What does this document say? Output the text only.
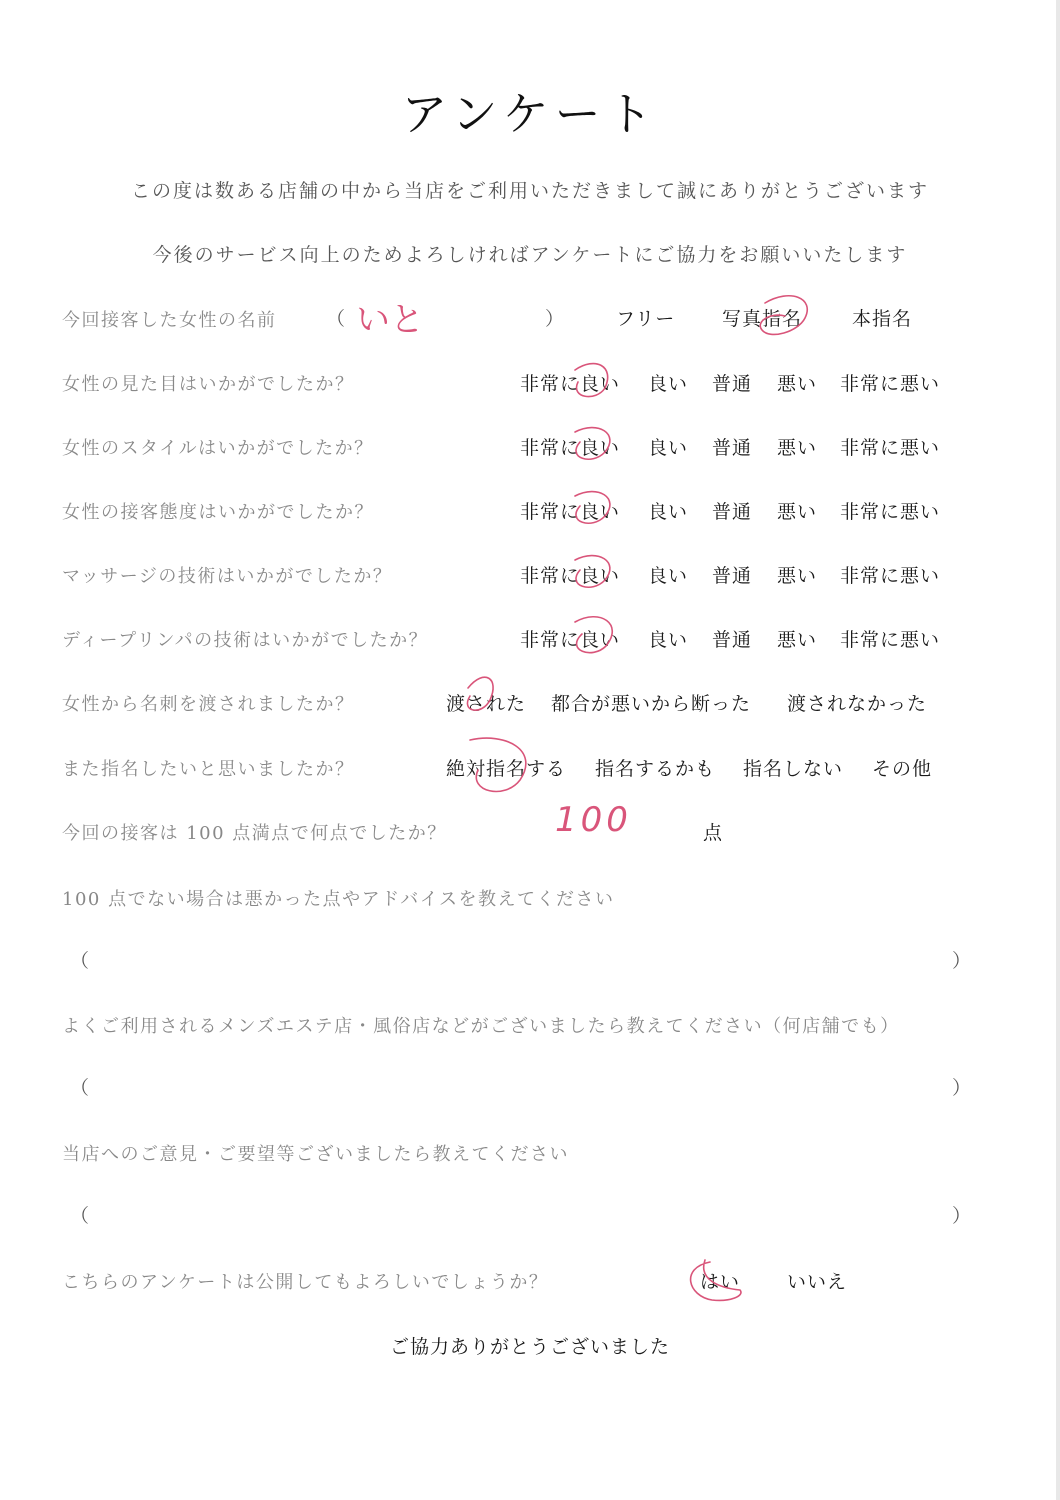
アンケート
この度は数ある店舗の中から当店をご利用いただきまして誠にありがとうございます
今後のサービス向上のためよろしければアンケートにご協力をお願いいたします
今回接客した女性の名前	（ いと	）	フリー 写真指名	本指名
女性の見た目はいかがでしたか？	非常に良い 良い 普通 悪い 非常に悪い
女性のスタイルはいかがでしたか？	非常に良い 良い 普通 悪い 非常に悪い
女性の接客態度はいかがでしたか？	非常に良い 良い 普通 悪い 非常に悪い
マッサージの技術はいかがでしたか？	非常に良い 良い 普通 悪い 非常に悪い
ディープリンパの技術はいかがでしたか？	非常に良い 良い 普通 悪い 非常に悪い
女性から名刺を渡されましたか？	渡された 都合が悪いから断った 渡されなかった
また指名したいと思いましたか？	絶対指名する 指名するかも 指名しない その他
今回の接客は 100 点満点で何点でしたか？	100	点
100 点でない場合は悪かった点やアドバイスを教えてください
（	）
よくご利用されるメンズエステ店・風俗店などがございましたら教えてください（何店舗でも）
（	）
当店へのご意見・ご要望等ございましたら教えてください
（	）
こちらのアンケートは公開してもよろしいでしょうか？	はい いいえ
ご協力ありがとうございました
